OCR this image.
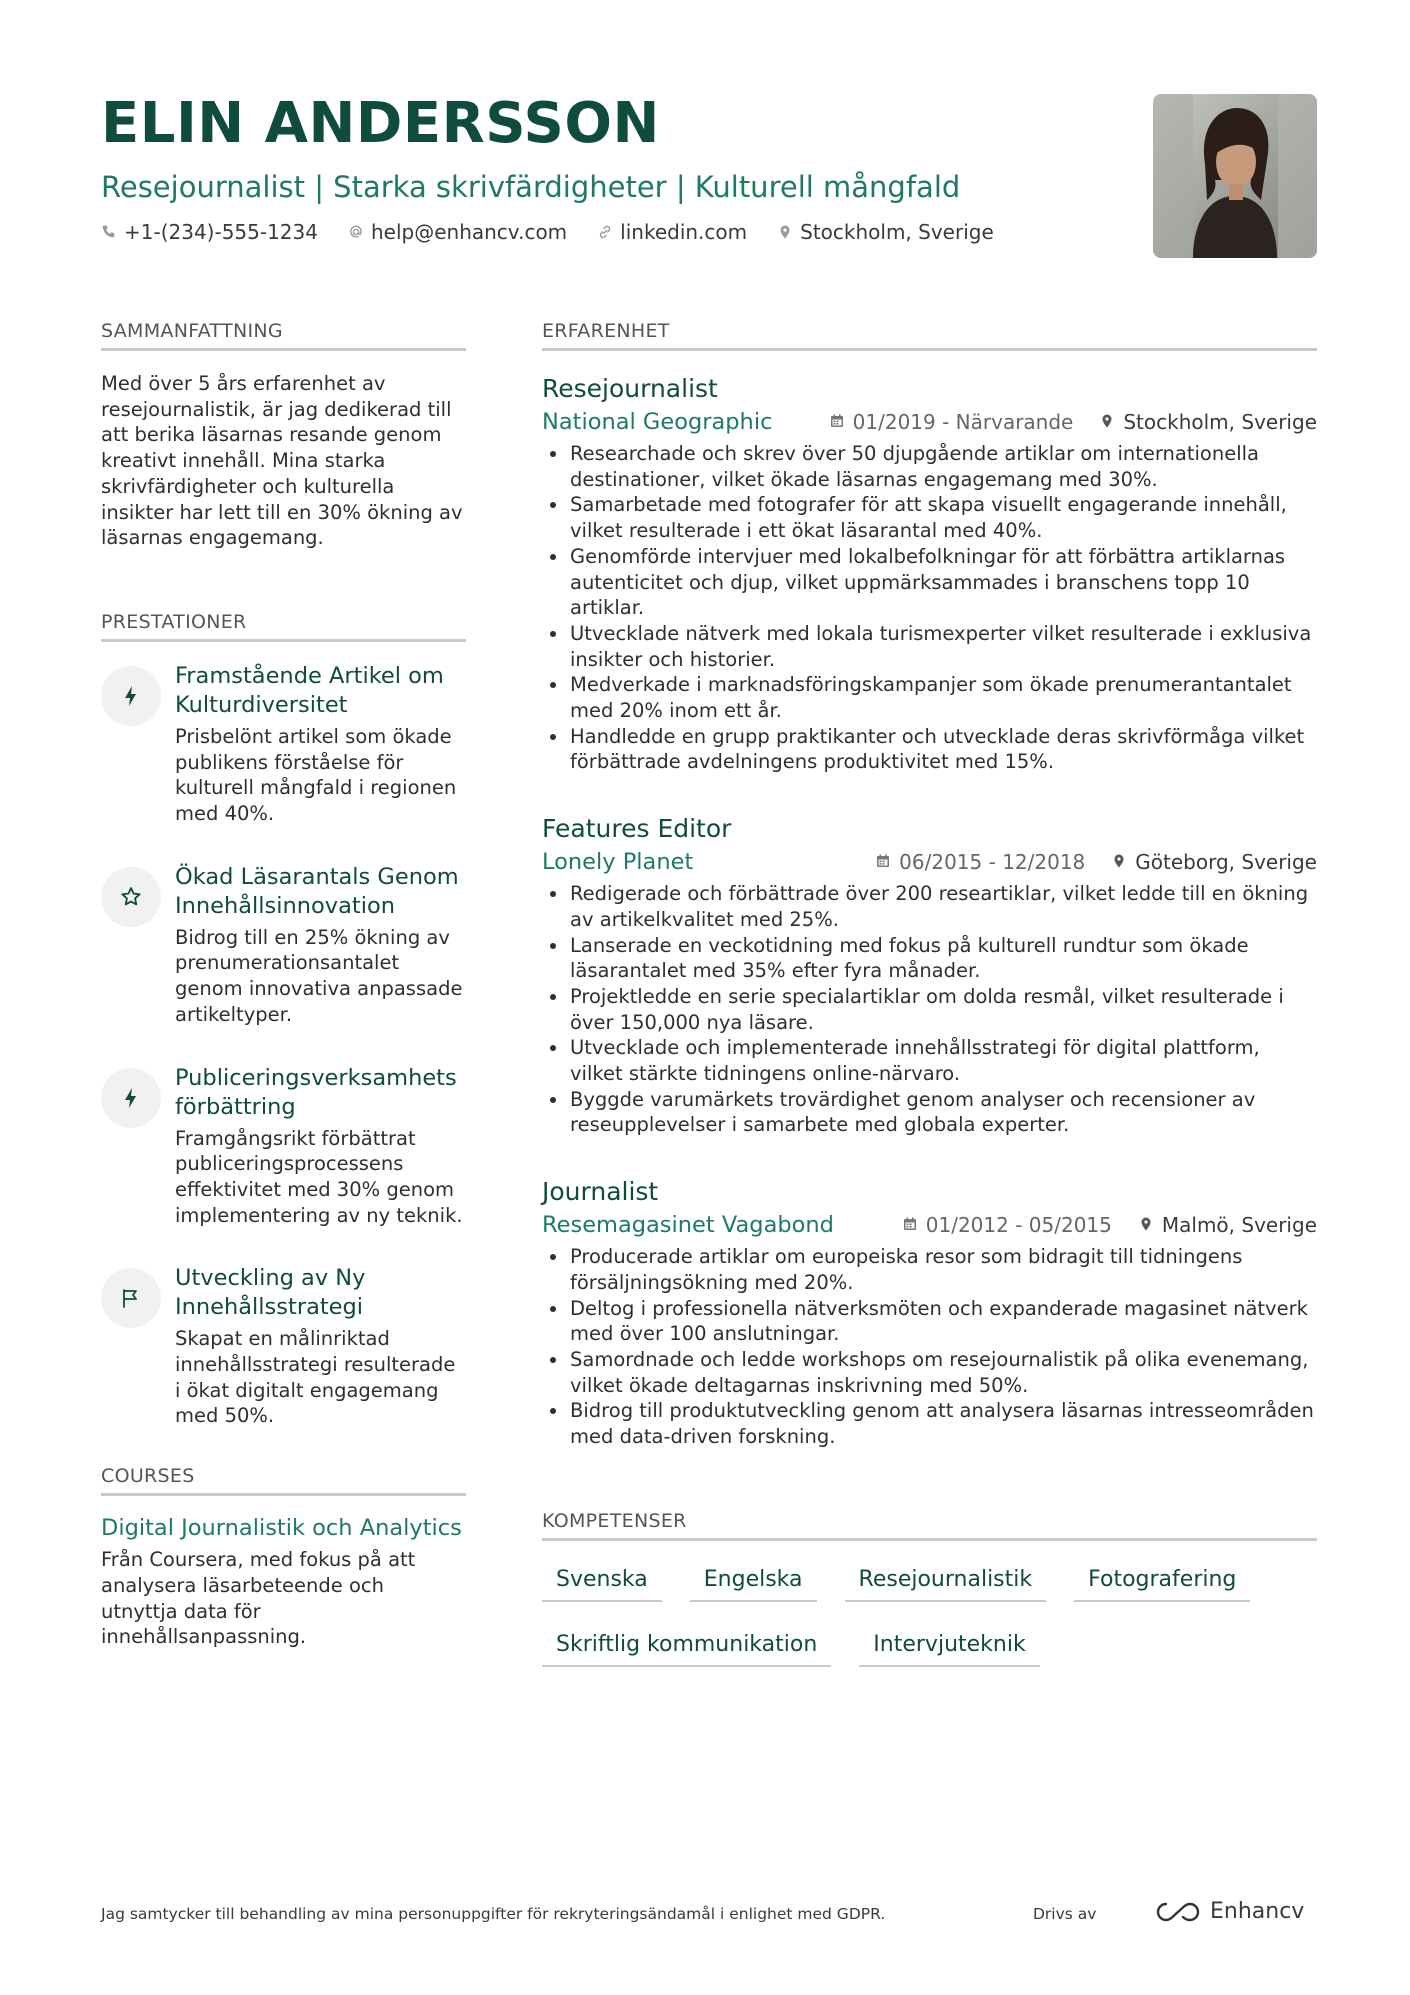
ELIN ANDERSSON
Resejournalist | Starka skrivfärdigheter | Kulturell mångfald
+1-(234)-555-1234	help@enhancv.com	linkedin.com	Stockholm, Sverige
SAMMANFATTNING
Med över 5 års erfarenhet av resejournalistik, är jag dedikerad till att berika läsarnas resande genom kreativt innehåll. Mina starka skrivfärdigheter och kulturella insikter har lett till en 30% ökning av läsarnas engagemang.
PRESTATIONER
Framstående Artikel om Kulturdiversitet
Prisbelönt artikel som ökade publikens förståelse för kulturell mångfald i regionen med 40%.
Ökad Läsarantals Genom Innehållsinnovation
Bidrog till en 25% ökning av prenumerationsantalet genom innovativa anpassade artikeltyper.
Publiceringsverksamhets förbättring
Framgångsrikt förbättrat publiceringsprocessens effektivitet med 30% genom implementering av ny teknik.
Utveckling av Ny Innehållsstrategi
Skapat en målinriktad innehållsstrategi resulterade i ökat digitalt engagemang med 50%.
COURSES
Digital Journalistik och Analytics
Från Coursera, med fokus på att analysera läsarbeteende och utnyttja data för innehållsanpassning.
ERFARENHET
Resejournalist
National Geographic	01/2019 - Närvarande	Stockholm, Sverige
Researchade och skrev över 50 djupgående artiklar om internationella destinationer, vilket ökade läsarnas engagemang med 30%.
Samarbetade med fotografer för att skapa visuellt engagerande innehåll, vilket resulterade i ett ökat läsarantal med 40%.
Genomförde intervjuer med lokalbefolkningar för att förbättra artiklarnas autenticitet och djup, vilket uppmärksammades i branschens topp 10 artiklar.
Utvecklade nätverk med lokala turismexperter vilket resulterade i exklusiva insikter och historier.
Medverkade i marknadsföringskampanjer som ökade prenumerantantalet med 20% inom ett år.
Handledde en grupp praktikanter och utvecklade deras skrivförmåga vilket förbättrade avdelningens produktivitet med 15%.
Features Editor
Lonely Planet	06/2015 - 12/2018	Göteborg, Sverige
Redigerade och förbättrade över 200 researtiklar, vilket ledde till en ökning av artikelkvalitet med 25%.
Lanserade en veckotidning med fokus på kulturell rundtur som ökade läsarantalet med 35% efter fyra månader.
Projektledde en serie specialartiklar om dolda resmål, vilket resulterade i över 150,000 nya läsare.
Utvecklade och implementerade innehållsstrategi för digital plattform, vilket stärkte tidningens online-närvaro.
Byggde varumärkets trovärdighet genom analyser och recensioner av reseupplevelser i samarbete med globala experter.
Journalist
Resemagasinet Vagabond	01/2012 - 05/2015	Malmö, Sverige
Producerade artiklar om europeiska resor som bidragit till tidningens försäljningsökning med 20%.
Deltog i professionella nätverksmöten och expanderade magasinet nätverk med över 100 anslutningar.
Samordnade och ledde workshops om resejournalistik på olika evenemang, vilket ökade deltagarnas inskrivning med 50%.
Bidrog till produktutveckling genom att analysera läsarnas intresseområden med data-driven forskning.
KOMPETENSER
Svenska	Engelska	Resejournalistik	Fotografering
Skriftlig kommunikation	Intervjuteknik
Jag samtycker till behandling av mina personuppgifter för rekryteringsändamål i enlighet med GDPR.	Drivs av	Enhancv
